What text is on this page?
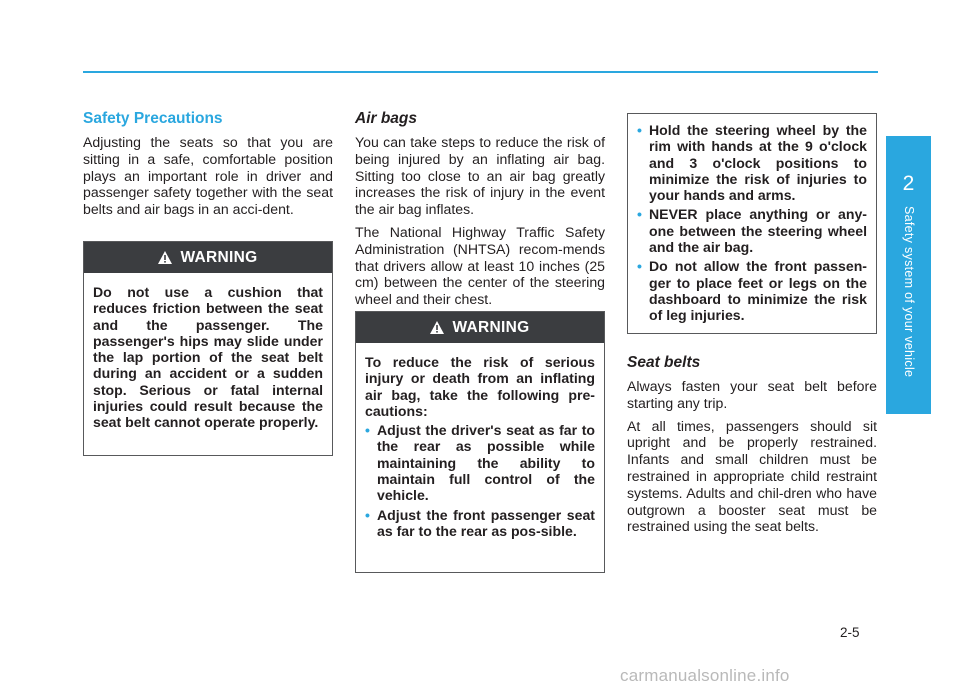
Safety Precautions
Adjusting the seats so that you are sitting in a safe, comfortable position plays an important role in driver and passenger safety together with the seat belts and air bags in an acci-dent.
WARNING
Do not use a cushion that reduces friction between the seat and the passenger. The passenger's hips may slide under the lap portion of the seat belt during an accident or a sudden stop. Serious or fatal internal injuries could result because the seat belt cannot operate properly.
Air bags
You can take steps to reduce the risk of being injured by an inflating air bag. Sitting too close to an air bag greatly increases the risk of injury in the event the air bag inflates.
The National Highway Traffic Safety Administration (NHTSA) recom-mends that drivers allow at least 10 inches (25 cm) between the center of the steering wheel and their chest.
WARNING
To reduce the risk of serious injury or death from an inflating air bag, take the following pre-cautions:
• Adjust the driver's seat as far to the rear as possible while maintaining the ability to maintain full control of the vehicle.
• Adjust the front passenger seat as far to the rear as pos-sible.
• Hold the steering wheel by the rim with hands at the 9 o'clock and 3 o'clock positions to minimize the risk of injuries to your hands and arms.
• NEVER place anything or any-one between the steering wheel and the air bag.
• Do not allow the front passen-ger to place feet or legs on the dashboard to minimize the risk of leg injuries.
Seat belts
Always fasten your seat belt before starting any trip.
At all times, passengers should sit upright and be properly restrained. Infants and small children must be restrained in appropriate child restraint systems. Adults and chil-dren who have outgrown a booster seat must be restrained using the seat belts.
2
Safety system of your vehicle
2-5
carmanualsonline.info
